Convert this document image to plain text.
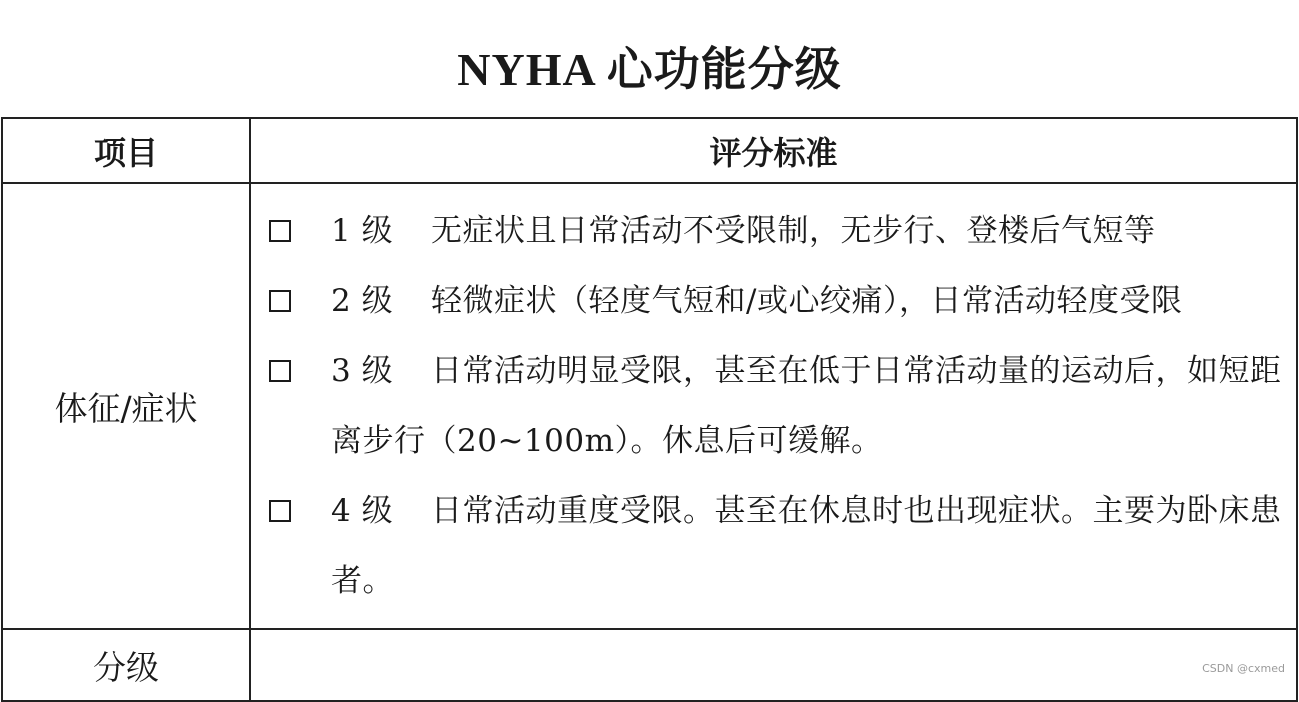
NYHA 心功能分级
项目	评分标准
体征/症状	1 级 无症状且日常活动不受限制，无步行、登楼后气短等
2 级 轻微症状（轻度气短和/或心绞痛），日常活动轻度受限
3 级 日常活动明显受限，甚至在低于日常活动量的运动后，如短距离步行（20~100m）。休息后可缓解。
4 级 日常活动重度受限。甚至在休息时也出现症状。主要为卧床患者。

分级		CSDN @cxmed
